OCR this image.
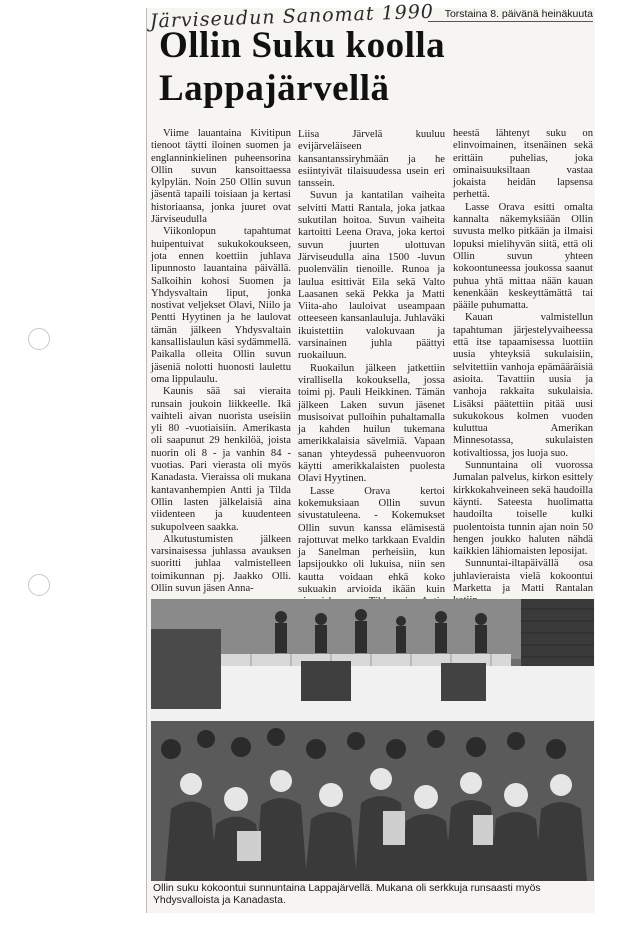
Järviseudun Sanomat 1990 Torstaina 8. päivänä heinäkuuta
Ollin Suku koolla
Lappajärvellä

Viime lauantaina Kivitipun tienoot täytti iloinen suomen ja englanninkielinen puheensorina Ollin suvun kansoittaessa kylpylän. Noin 250 Ollin suvun jäsentä tapaili toisiaan ja kertasi historiaansa, jonka juuret ovat Järviseudulla

Viikonlopun tapahtumat huipentuivat sukukokoukseen, jota ennen koettiin juhlava lipunnosto lauantaina päivällä. Salkoihin kohosi Suomen ja Yhdysvaltain liput, jonka nostivat veljekset Olavi, Niilo ja Pentti Hyytinen ja he laulovat tämän jälkeen Yhdysvaltain kansallislaulun käsi sydämmellä. Paikalla olleita Ollin suvun jäseniä nolotti huonosti laulettu oma lippulaulu.

Kaunis sää sai vieraita runsain joukoin liikkeelle. Ikä vaihteli aivan nuorista useisiin yli 80 -vuotiaisiin. Amerikasta oli saapunut 29 henkilöä, joista nuorin oli 8 - ja vanhin 84 -vuotias. Pari vierasta oli myös Kanadasta. Vieraissa oli mukana kantavanhempien Antti ja Tilda Ollin lasten jälkelaisiä aina viidenteen ja kuudenteen sukupolveen saakka.

Alkutustumisten jälkeen varsinaisessa juhlassa avauksen suoritti juhlaa valmistelleen toimikunnan pj. Jaakko Olli. Ollin suvun jäsen Anna-

Liisa Järvelä kuuluu evijärveläiseen kansantanssiryhmään ja he esiintyivät tilaisuudessa usein eri tanssein.

Suvun ja kantatilan vaiheita selvitti Matti Rantala, joka jatkaa sukutilan hoitoa. Suvun vaiheita kartoitti Leena Orava, joka kertoi suvun juurten ulottuvan Järviseudulla aina 1500 -luvun puolenvälin tienoille. Runoa ja laulua esittivät Eila sekä Valto Laasanen sekä Pekka ja Matti Viita-aho lauloivat useampaan otteeseen kansanlauluja. Juhlaväki ikuistettiin valokuvaan ja varsinainen juhla päättyi ruokailuun.

Ruokailun jälkeen jatkettiin virallisella kokouksella, jossa toimi pj. Pauli Heikkinen. Tämän jälkeen Laken suvun jäsenet musisoivat pulloihin puhaltamalla ja kahden huilun tukemana amerikkalaisia sävelmiä. Vapaan sanan yhteydessä puheenvuoron käytti amerikkalaisten puolesta Olavi Hyytinen.

Lasse Orava kertoi kokemuksiaan Ollin suvun sivustatuleena. - Kokemukset Ollin suvun kanssa elämisestä rajottuvat melko tarkkaan Evaldin ja Sanelman perheisiin, kun lapsijoukko oli lukuisa, niin sen kautta voidaan ehkä koko sukuakin arvioida ikään kuin

heestä lähtenyt suku on elinvoimainen, itsenäinen sekä erittäin puhelias, joka ominaisuuksiltaan vastaa jokaista heidän lapsensa perhettä.

Lasse Orava esitti omalta kannalta näkemyksiään Ollin suvusta melko pitkään ja ilmaisi lopuksi mielihyvän siitä, että oli Ollin suvun yhteen kokoontuneessa joukossa saanut puhua yhtä mittaa nään kauan kenenkään keskeyttämättä tai pääile puhumatta.

Kauan valmistellun tapahtuman järjestelyvaiheessa että itse tapaamisessa luottiin uusia yhteyksiä sukulaisiin, selvitettiin vanhoja epämääräisiä asioita. Tavattiin uusia ja vanhoja rakkaita sukulaisia. Lisäksi päätettiin pitää uusi sukukokous kolmen vuoden kuluttua Amerikan Minnesotassa, sukulaisten kotivaltiossa, jos luoja suo.

Sunnuntaina oli vuorossa Jumalan palvelus, kirkon esittely kirkkokahveineen sekä haudoilla käynti. Sateesta huolimatta haudoilta toiselle kulki puolentoista tunnin ajan noin 50 hengen joukko haluten nähdä kaikkien lähiomaisten leposijat.

Sunnuntai-iltapäivällä osa juhlavieraista vielä kokoontui Marketta ja Matti Rantalan

Ollin suku kokoontui sunnuntaina Lappajärvellä. Mukana oli serkkuja runsaasti myös Yhdysvalloista ja Kanadasta.
